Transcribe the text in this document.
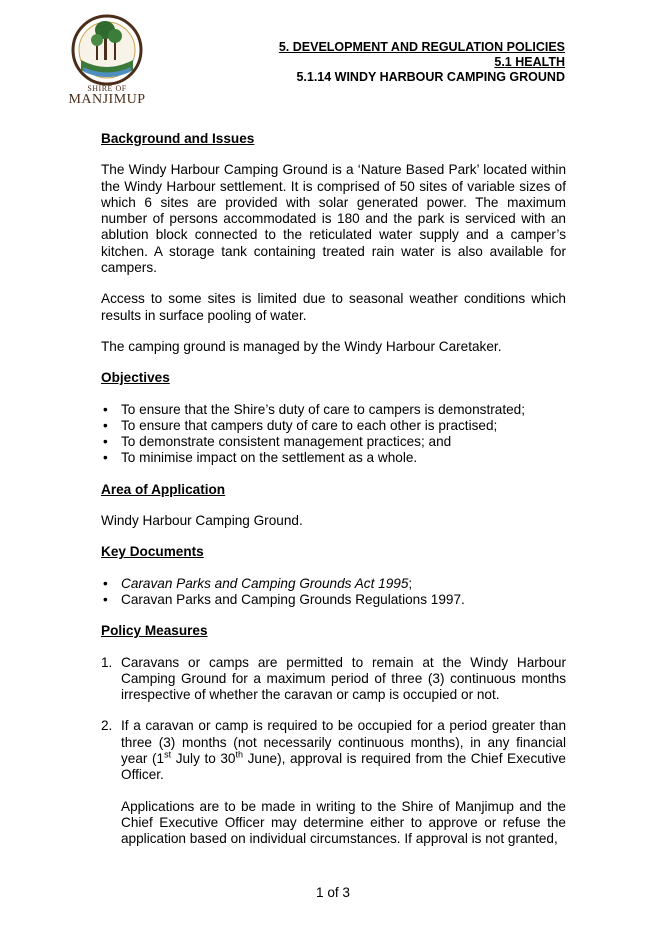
SHIRE OF
MANJIMUP
5. DEVELOPMENT AND REGULATION POLICIES
5.1 HEALTH
5.1.14 WINDY HARBOUR CAMPING GROUND
Background and Issues

The Windy Harbour Camping Ground is a ‘Nature Based Park’ located within the Windy Harbour settlement. It is comprised of 50 sites of variable sizes of which 6 sites are provided with solar generated power. The maximum number of persons accommodated is 180 and the park is serviced with an ablution block connected to the reticulated water supply and a camper’s kitchen. A storage tank containing treated rain water is also available for campers.

Access to some sites is limited due to seasonal weather conditions which results in surface pooling of water.

The camping ground is managed by the Windy Harbour Caretaker.

Objectives
• To ensure that the Shire’s duty of care to campers is demonstrated;
• To ensure that campers duty of care to each other is practised;
• To demonstrate consistent management practices; and
• To minimise impact on the settlement as a whole.
Area of Application

Windy Harbour Camping Ground.

Key Documents
• Caravan Parks and Camping Grounds Act 1995;
• Caravan Parks and Camping Grounds Regulations 1997.
Policy Measures
1. Caravans or camps are permitted to remain at the Windy Harbour Camping Ground for a maximum period of three (3) continuous months irrespective of whether the caravan or camp is occupied or not.

2. If a caravan or camp is required to be occupied for a period greater than three (3) months (not necessarily continuous months), in any financial year (1st July to 30th June), approval is required from the Chief Executive Officer.

Applications are to be made in writing to the Shire of Manjimup and the Chief Executive Officer may determine either to approve or refuse the application based on individual circumstances. If approval is not granted,

1 of 3
